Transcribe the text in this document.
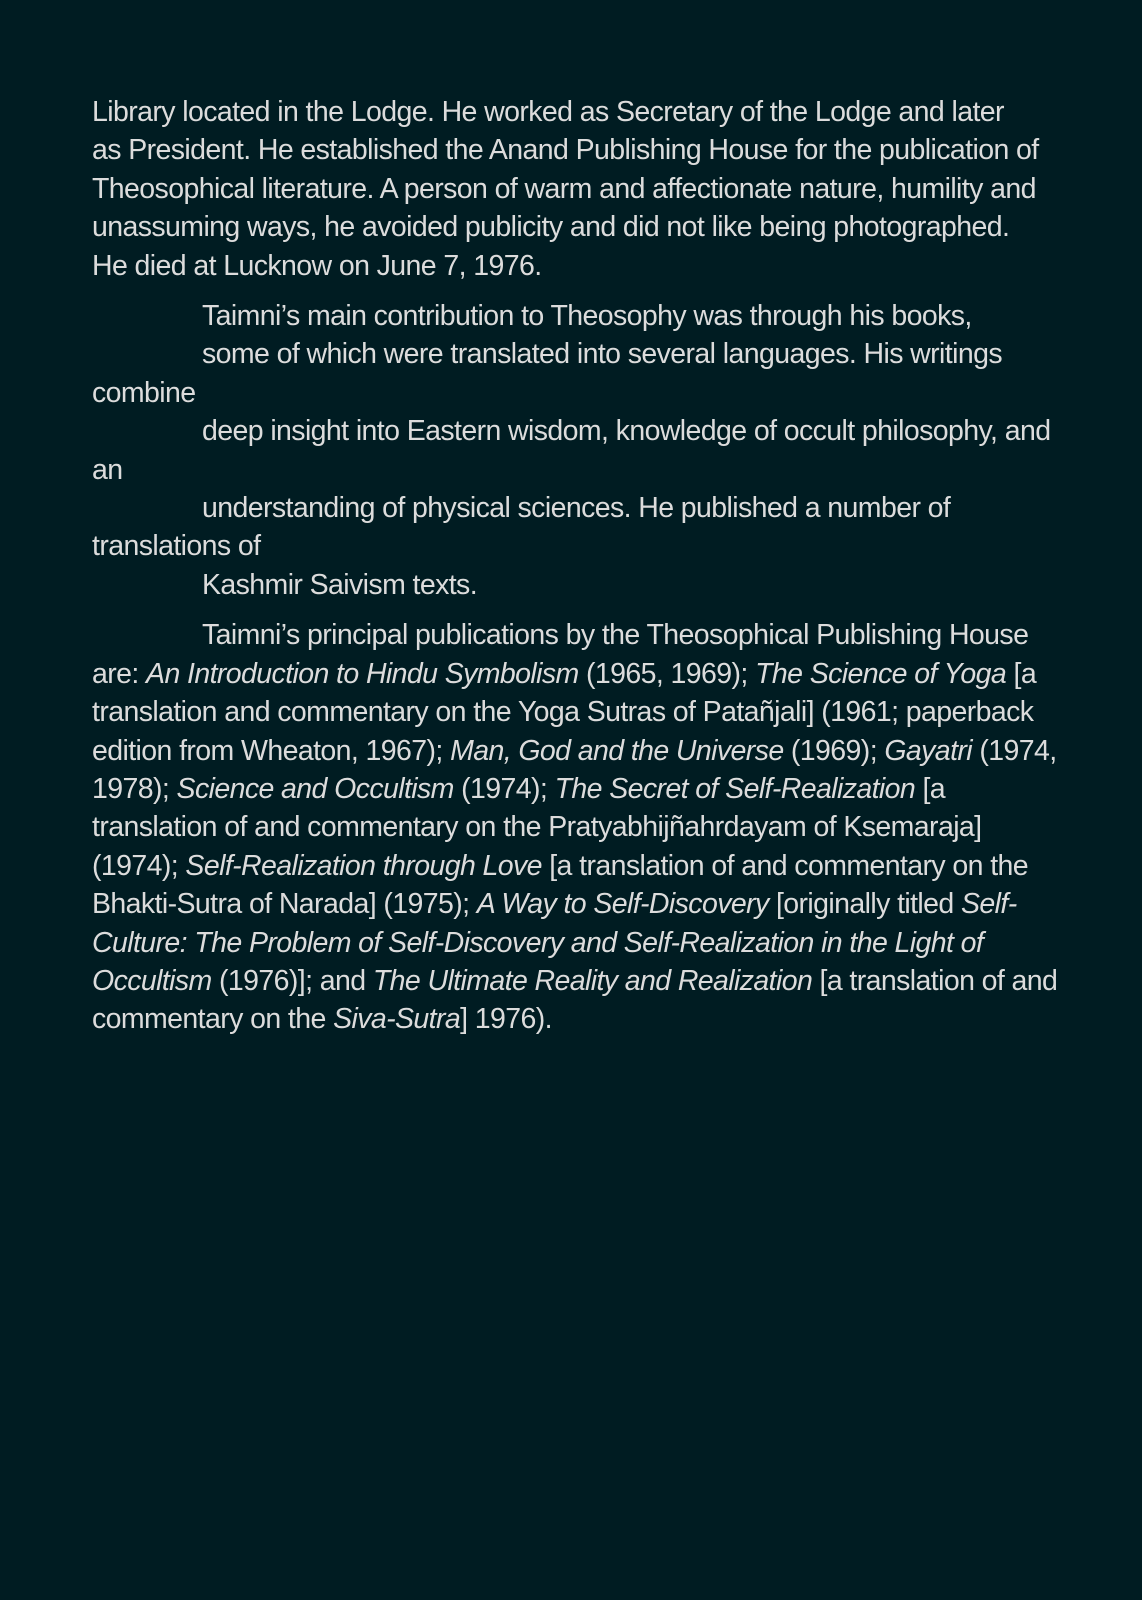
Library located in the Lodge. He worked as Secretary of the Lodge and later
as President. He established the Anand Publishing House for the publication of
Theosophical literature. A person of warm and affectionate nature, humility and
unassuming ways, he avoided publicity and did not like being photographed.
He died at Lucknow on June 7, 1976.

Taimni’s main contribution to Theosophy was through his books,
some of which were translated into several languages. His writings combine
deep insight into Eastern wisdom, knowledge of occult philosophy, and an
understanding of physical sciences. He published a number of translations of
Kashmir Saivism texts.

Taimni’s principal publications by the Theosophical Publishing House are: An Introduction to Hindu Symbolism (1965, 1969); The Science of Yoga [a translation and commentary on the Yoga Sutras of Patañjali] (1961; paperback edition from Wheaton, 1967); Man, God and the Universe (1969); Gayatri (1974, 1978); Science and Occultism (1974); The Secret of Self-Realization [a translation of and commentary on the Pratyabhijñahrdayam of Ksemaraja] (1974); Self-Realization through Love [a translation of and commentary on the Bhakti-Sutra of Narada] (1975); A Way to Self-Discovery [originally titled Self-Culture: The Problem of Self-Discovery and Self-Realization in the Light of Occultism (1976)]; and The Ultimate Reality and Realization [a translation of and commentary on the Siva-Sutra] 1976).
